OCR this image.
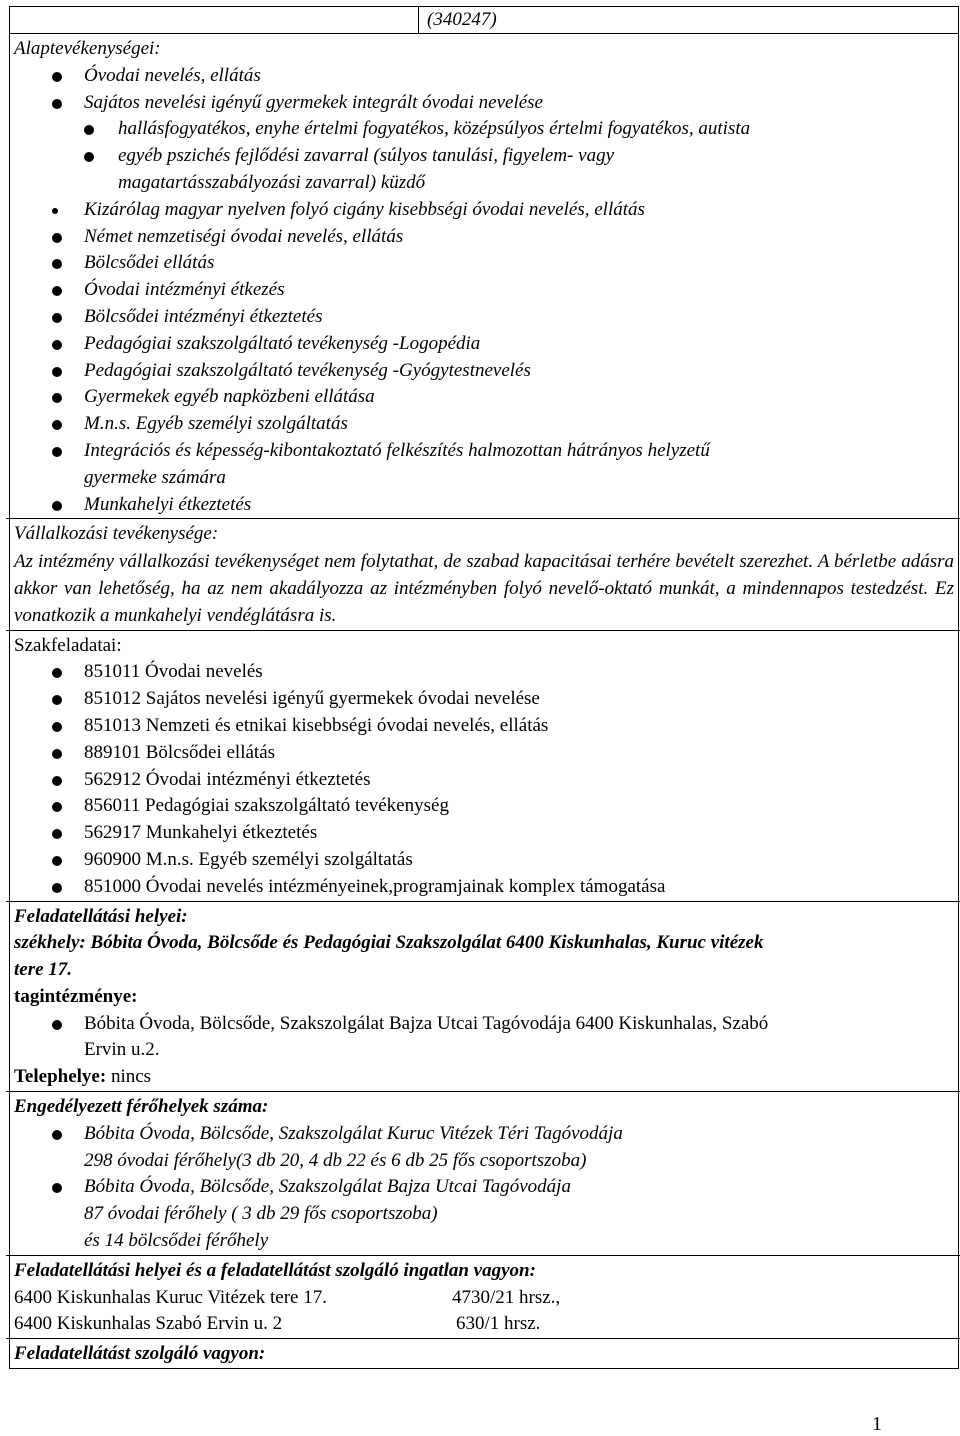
(340247)
Alaptevékenységei:
Óvodai nevelés, ellátás
Sajátos nevelési igényű gyermekek integrált óvodai nevelése
hallásfogyatékos, enyhe értelmi fogyatékos, középsúlyos értelmi fogyatékos, autista
egyéb pszichés fejlődési zavarral (súlyos tanulási, figyelem- vagy
magatartásszabályozási zavarral) küzdő
Kizárólag magyar nyelven folyó cigány kisebbségi óvodai nevelés, ellátás
Német nemzetiségi óvodai nevelés, ellátás
Bölcsődei ellátás
Óvodai intézményi étkezés
Bölcsődei intézményi étkeztetés
Pedagógiai szakszolgáltató tevékenység -Logopédia
Pedagógiai szakszolgáltató tevékenység -Gyógytestnevelés
Gyermekek egyéb napközbeni ellátása
M.n.s. Egyéb személyi szolgáltatás
Integrációs és képesség-kibontakoztató felkészítés halmozottan hátrányos helyzetű
gyermeke számára
Munkahelyi étkeztetés
Vállalkozási tevékenysége:
Az intézmény vállalkozási tevékenységet nem folytathat, de szabad kapacitásai terhére bevételt szerezhet. A bérletbe adásra akkor van lehetőség, ha az nem akadályozza az intézményben folyó nevelő-oktató munkát, a mindennapos testedzést. Ez vonatkozik a munkahelyi vendéglátásra is.
Szakfeladatai:
851011 Óvodai nevelés
851012 Sajátos nevelési igényű gyermekek óvodai nevelése
851013 Nemzeti és etnikai kisebbségi óvodai nevelés, ellátás
889101 Bölcsődei ellátás
562912 Óvodai intézményi étkeztetés
856011 Pedagógiai szakszolgáltató tevékenység
562917 Munkahelyi étkeztetés
960900 M.n.s. Egyéb személyi szolgáltatás
851000 Óvodai nevelés intézményeinek,programjainak komplex támogatása
Feladatellátási helyei:
székhely: Bóbita Óvoda, Bölcsőde és Pedagógiai Szakszolgálat 6400 Kiskunhalas, Kuruc vitézek
tere 17.
tagintézménye:
Bóbita Óvoda, Bölcsőde, Szakszolgálat Bajza Utcai Tagóvodája 6400 Kiskunhalas, Szabó
Ervin u.2.
Telephelye: nincs
Engedélyezett férőhelyek száma:
Bóbita Óvoda, Bölcsőde, Szakszolgálat Kuruc Vitézek Téri Tagóvodája
298 óvodai férőhely(3 db 20, 4 db 22 és 6 db 25 fős csoportszoba)
Bóbita Óvoda, Bölcsőde, Szakszolgálat Bajza Utcai Tagóvodája
87 óvodai férőhely ( 3 db 29 fős csoportszoba)
és 14 bölcsődei férőhely
Feladatellátási helyei és a feladatellátást szolgáló ingatlan vagyon:
6400 Kiskunhalas Kuruc Vitézek tere 17.	4730/21 hrsz.,
6400 Kiskunhalas Szabó Ervin u. 2	630/1 hrsz.
Feladatellátást szolgáló vagyon:
1
